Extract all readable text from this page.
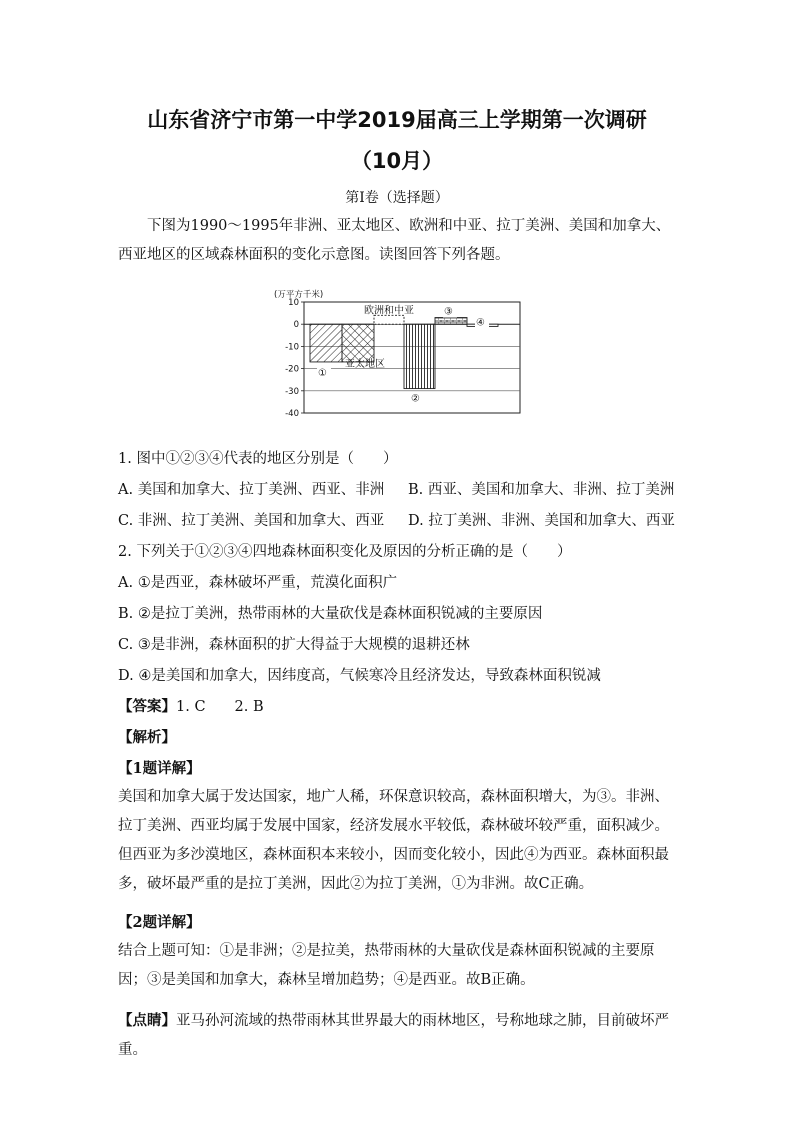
山东省济宁市第一中学2019届高三上学期第一次调研
（10月）
第Ⅰ卷（选择题）
下图为1990～1995年非洲、亚太地区、欧洲和中亚、拉丁美洲、美国和加拿大、西亚地区的区域森林面积的变化示意图。读图回答下列各题。
10
0
-10
-20
-30
-40
①
亚太地区
欧洲和中亚
②
③
④
(万平方千米)
1. 图中①②③④代表的地区分别是（　　）
A. 美国和加拿大、拉丁美洲、西亚、非洲 B. 西亚、美国和加拿大、非洲、拉丁美洲
C. 非洲、拉丁美洲、美国和加拿大、西亚 D. 拉丁美洲、非洲、美国和加拿大、西亚
2. 下列关于①②③④四地森林面积变化及原因的分析正确的是（　　）
A. ①是西亚，森林破坏严重，荒漠化面积广
B. ②是拉丁美洲，热带雨林的大量砍伐是森林面积锐减的主要原因
C. ③是非洲，森林面积的扩大得益于大规模的退耕还林
D. ④是美国和加拿大，因纬度高，气候寒冷且经济发达，导致森林面积锐减
【答案】1. C　　2. B
【解析】
【1题详解】
美国和加拿大属于发达国家，地广人稀，环保意识较高，森林面积增大，为③。非洲、拉丁美洲、西亚均属于发展中国家，经济发展水平较低，森林破坏较严重，面积减少。但西亚为多沙漠地区，森林面积本来较小，因而变化较小，因此④为西亚。森林面积最多，破坏最严重的是拉丁美洲，因此②为拉丁美洲，①为非洲。故C正确。
【2题详解】
结合上题可知：①是非洲；②是拉美，热带雨林的大量砍伐是森林面积锐减的主要原因；③是美国和加拿大，森林呈增加趋势；④是西亚。故B正确。
【点睛】亚马孙河流域的热带雨林其世界最大的雨林地区，号称地球之肺，目前破坏严重。
